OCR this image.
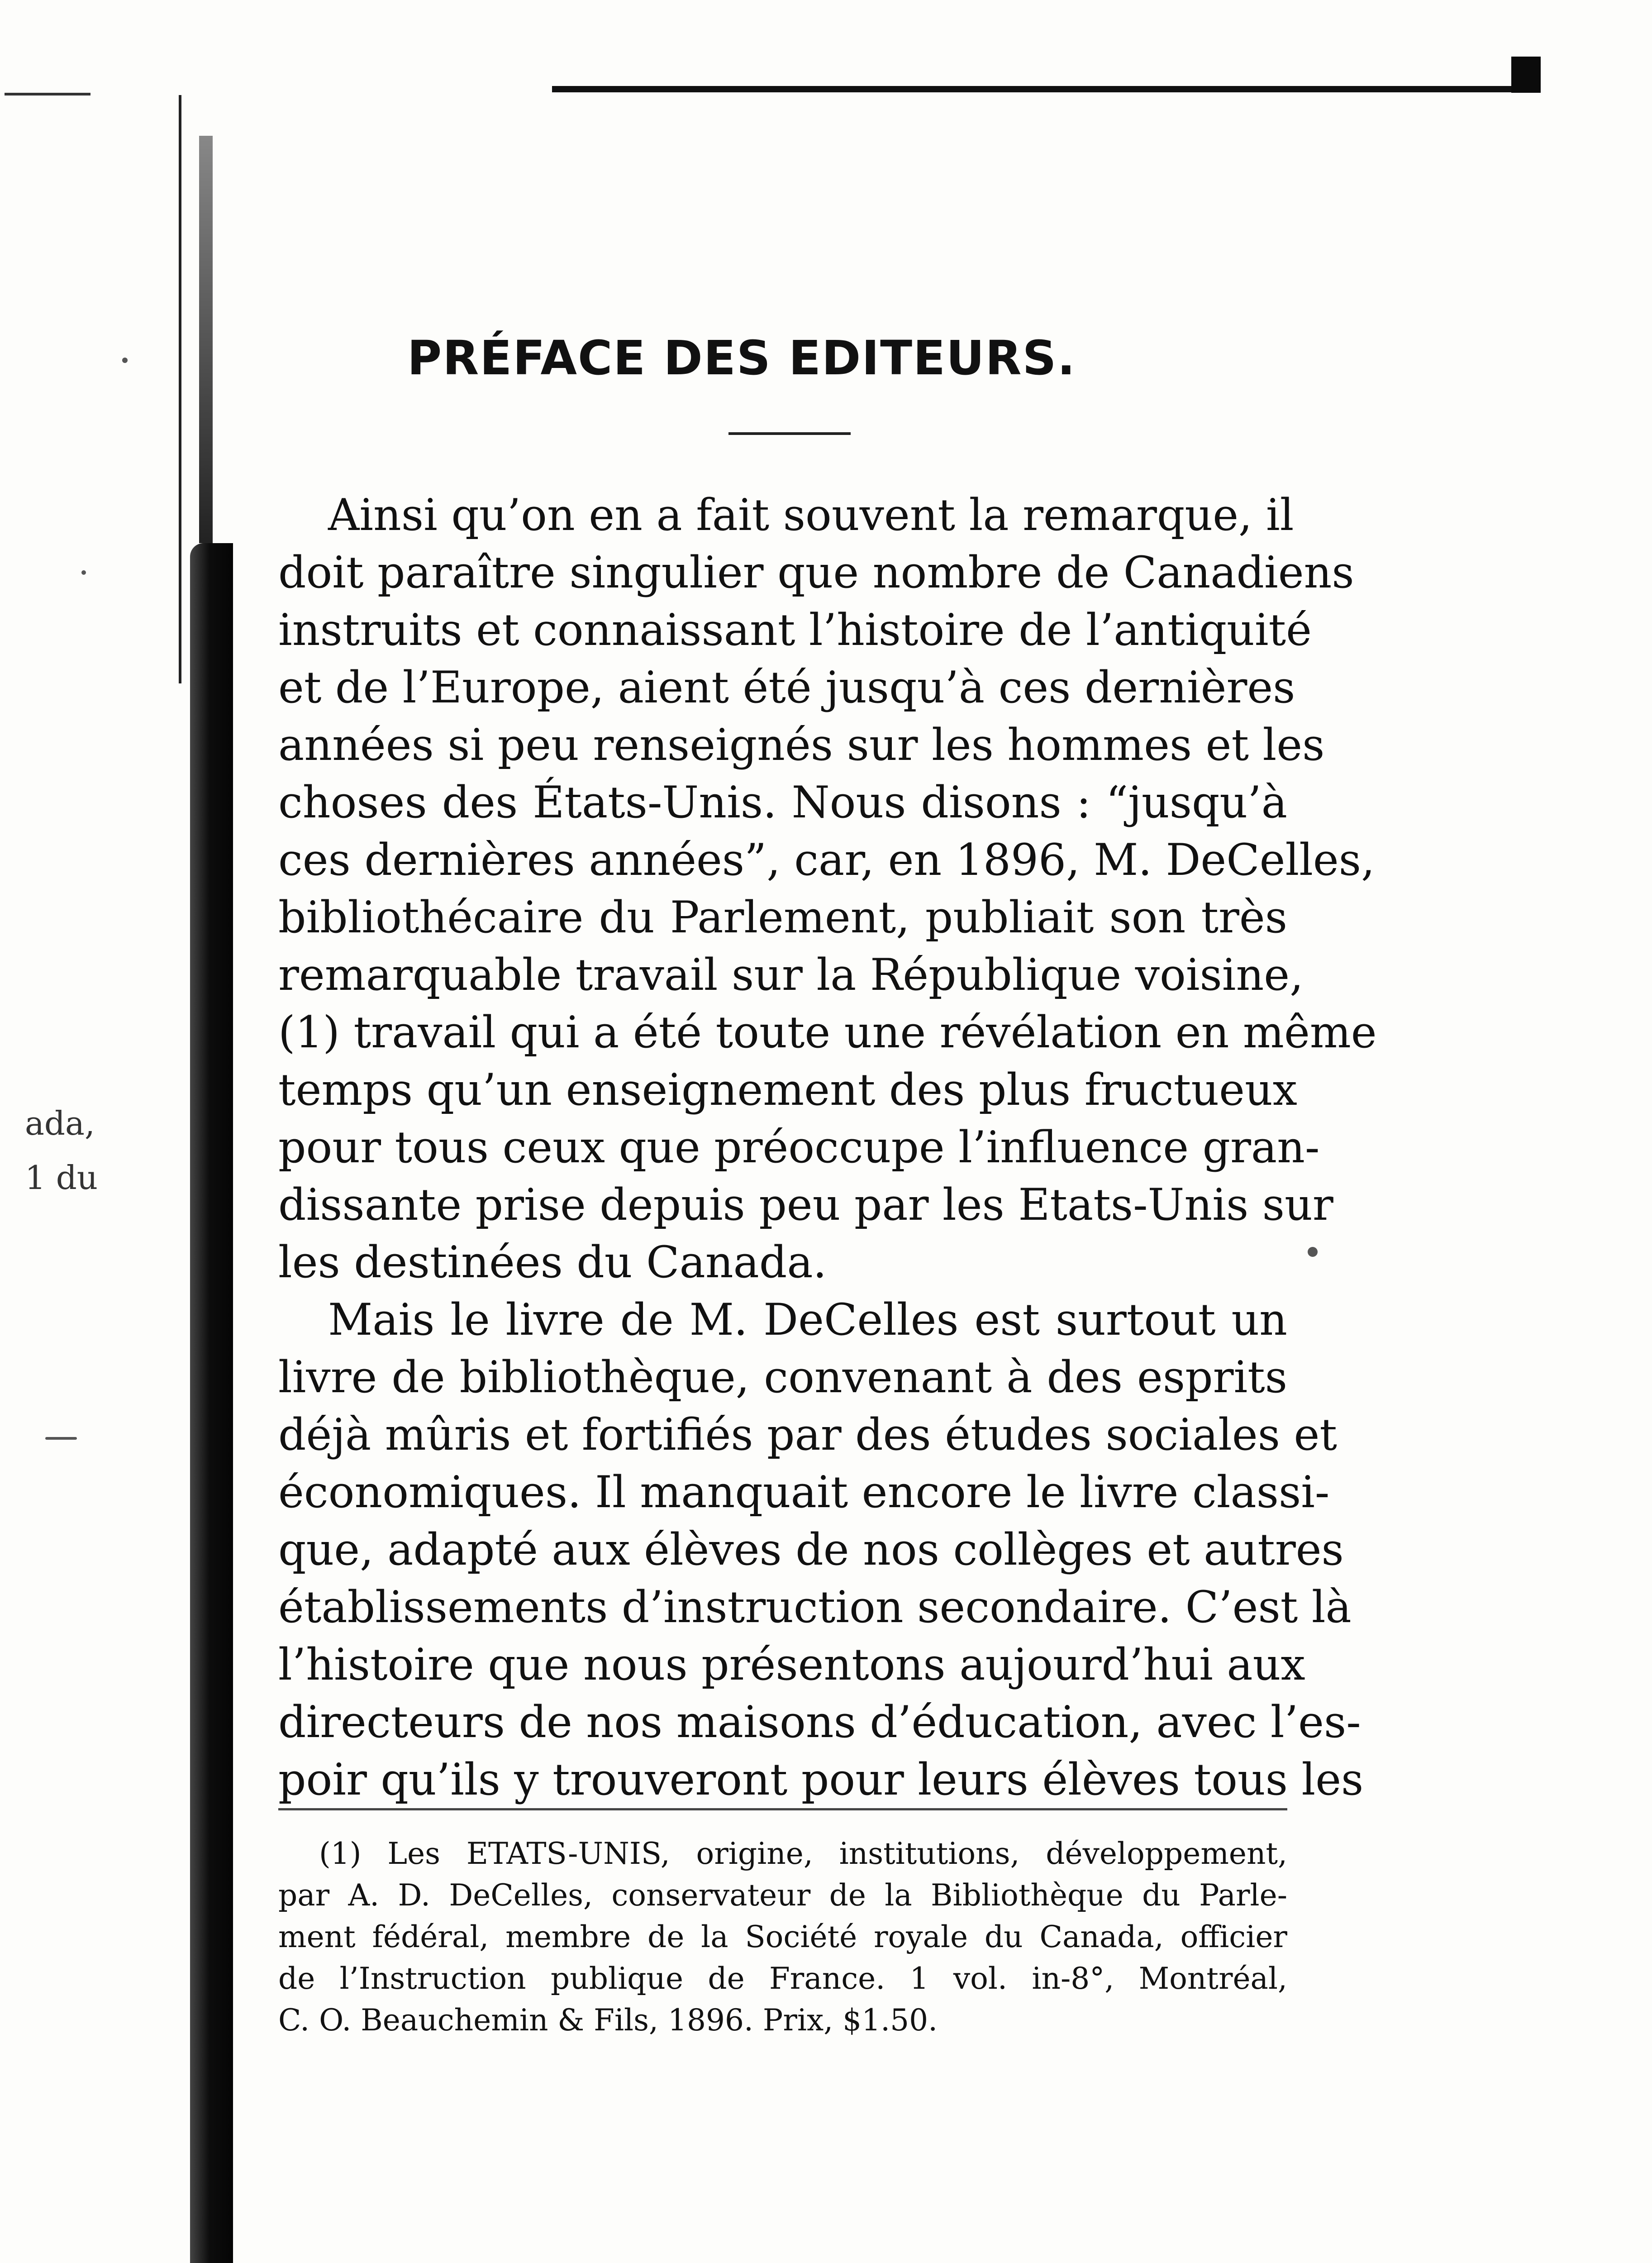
ada,
1 du
PRÉFACE DES EDITEURS.
Ainsi qu’on en a fait souvent la remarque, il
doit paraître singulier que nombre de Canadiens
instruits et connaissant l’histoire de l’antiquité
et de l’Europe, aient été jusqu’à ces dernières
années si peu renseignés sur les hommes et les
choses des États-Unis. Nous disons : “jusqu’à
ces dernières années”, car, en 1896, M. DeCelles,
bibliothécaire du Parlement, publiait son très
remarquable travail sur la République voisine,
(1) travail qui a été toute une révélation en même
temps qu’un enseignement des plus fructueux
pour tous ceux que préoccupe l’influence gran-
dissante prise depuis peu par les Etats-Unis sur
les destinées du Canada.
Mais le livre de M. DeCelles est surtout un
livre de bibliothèque, convenant à des esprits
déjà mûris et fortifiés par des études sociales et
économiques. Il manquait encore le livre classi-
que, adapté aux élèves de nos collèges et autres
établissements d’instruction secondaire. C’est là
l’histoire que nous présentons aujourd’hui aux
directeurs de nos maisons d’éducation, avec l’es-
poir qu’ils y trouveront pour leurs élèves tous les
(1) Les ETATS-UNIS, origine, institutions, développement,
par A. D. DeCelles, conservateur de la Bibliothèque du Parle-
ment fédéral, membre de la Société royale du Canada, officier
de l’Instruction publique de France. 1 vol. in-8°, Montréal,
C. O. Beauchemin & Fils, 1896. Prix, $1.50.
